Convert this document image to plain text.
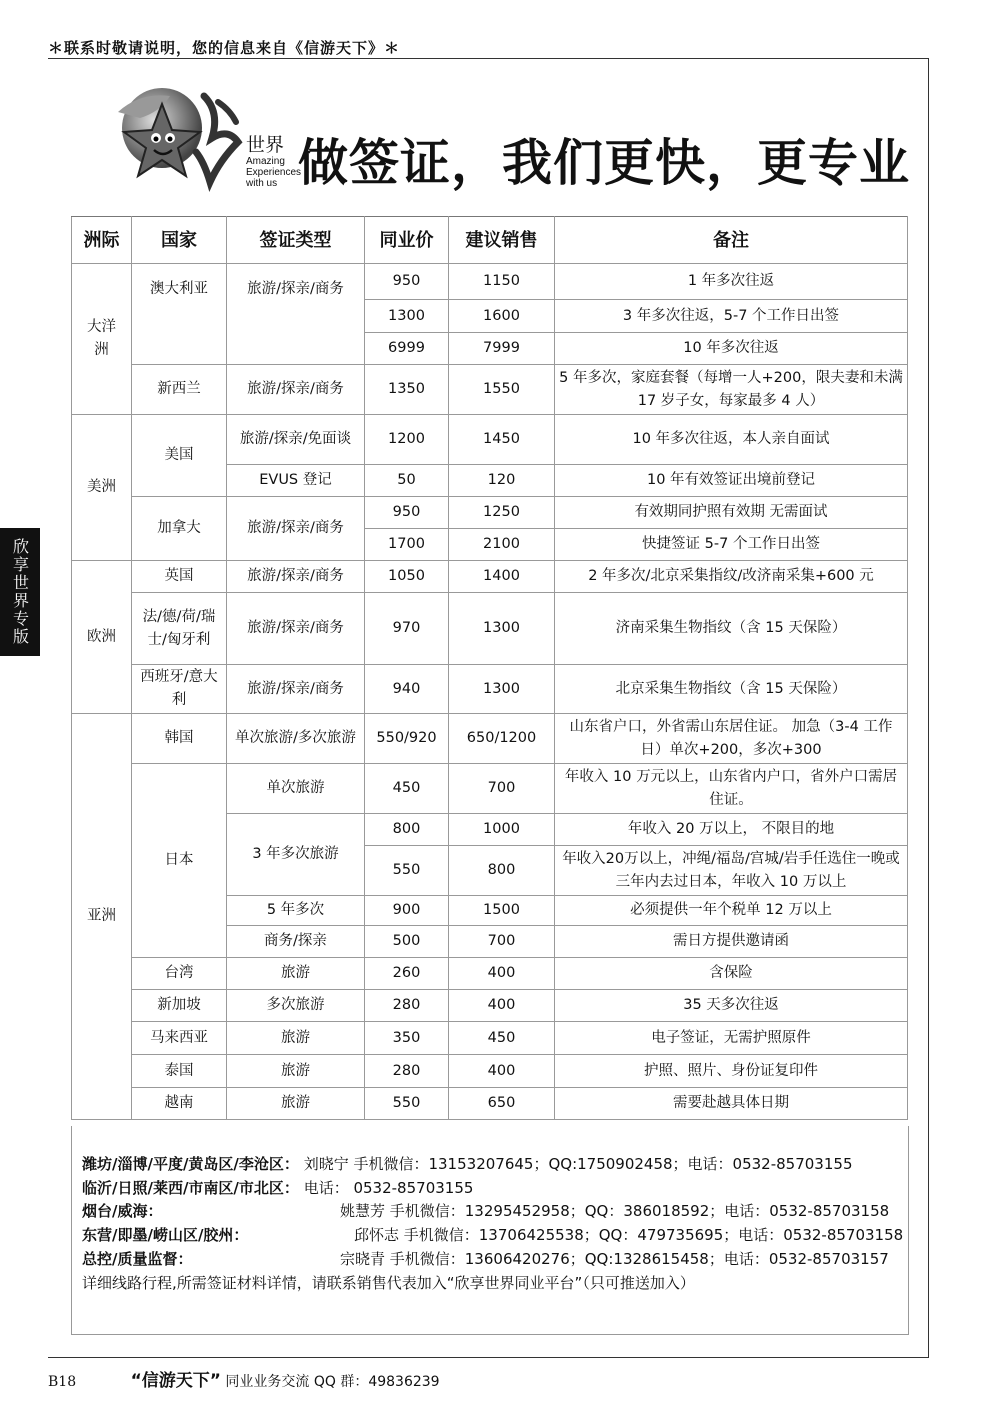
＊联系时敬请说明，您的信息来自《信游天下》＊
欣享世界专版
世界
Amazing
Experiences
with us 做签证，我们更快，更专业
洲际	国家	签证类型	同业价	建议销售	备注
大洋洲	澳大利亚	旅游/探亲/商务	950	1150	1 年多次往返
			1300	1600	3 年多次往返，5-7 个工作日出签
			6999	7999	10 年多次往返
	新西兰	旅游/探亲/商务	1350	1550	5 年多次，家庭套餐（每增一人+200，限夫妻和未满 17 岁子女，每家最多 4 人）
美洲	美国	旅游/探亲/免面谈	1200	1450	10 年多次往返，本人亲自面试
		EVUS 登记	50	120	10 年有效签证出境前登记
	加拿大	旅游/探亲/商务	950	1250	有效期同护照有效期 无需面试
			1700	2100	快捷签证 5-7 个工作日出签
欧洲	英国	旅游/探亲/商务	1050	1400	2 年多次/北京采集指纹/改济南采集+600 元
	法/德/荷/瑞士/匈牙利	旅游/探亲/商务	970	1300	济南采集生物指纹（含 15 天保险）
	西班牙/意大利	旅游/探亲/商务	940	1300	北京采集生物指纹（含 15 天保险）
亚洲	韩国	单次旅游/多次旅游	550/920	650/1200	山东省户口，外省需山东居住证。 加急（3-4 工作日）单次+200，多次+300
	日本	单次旅游	450	700	年收入 10 万元以上，山东省内户口，省外户口需居住证。
		3 年多次旅游	800	1000	年收入 20 万以上， 不限目的地
			550	800	年收入20万以上，冲绳/福岛/宫城/岩手任选住一晚或三年内去过日本，年收入 10 万以上
		5 年多次	900	1500	必须提供一年个税单 12 万以上
		商务/探亲	500	700	需日方提供邀请函
	台湾	旅游	260	400	含保险
	新加坡	多次旅游	280	400	35 天多次往返
	马来西亚	旅游	350	450	电子签证，无需护照原件
	泰国	旅游	280	400	护照、照片、身份证复印件
	越南	旅游	550	650	需要赴越具体日期
潍坊/淄博/平度/黄岛区/李沧区： 刘晓宁 手机微信：13153207645；QQ:1750902458；电话：0532-85703155
临沂/日照/莱西/市南区/市北区： 电话： 0532-85703155
烟台/威海：	姚慧芳 手机微信：13295452958；QQ：386018592；电话：0532-85703158
东营/即墨/崂山区/胶州：	邱怀志 手机微信：13706425538；QQ：479735695；电话：0532-85703158
总控/质量监督：	宗晓青 手机微信：13606420276；QQ:1328615458；电话：0532-85703157
详细线路行程,所需签证材料详情，请联系销售代表加入“欣享世界同业平台”（只可推送加入）
B18	“信游天下” 同业业务交流 QQ 群：49836239
